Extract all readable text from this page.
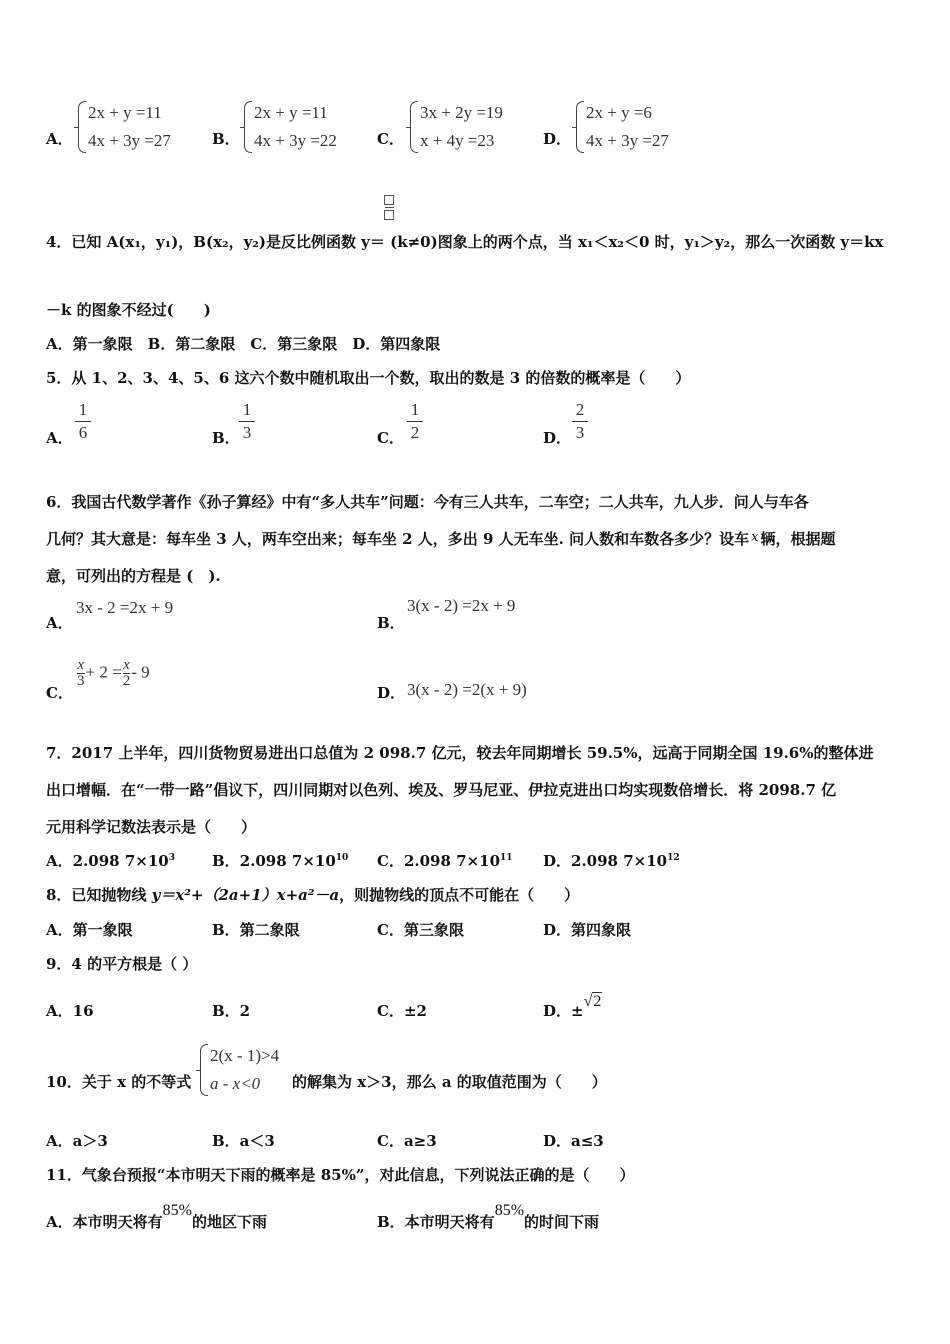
A．
2x + y =11
4x + 3y =27	B．
2x + y =11
4x + 3y =22	C．
3x + 2y =19
x + 4y =23	D．
2x + y =6
4x + 3y =27
4．已知 A(x₁，y₁)，B(x₂，y₂)是反比例函数 y＝ (k≠0)图象上的两个点，当 x₁＜x₂＜0 时，y₁＞y₂，那么一次函数 y＝kx
－k 的图象不经过(　　)
A．第一象限　B．第二象限　C．第三象限　D．第四象限
5．从 1、2、3、4、5、6 这六个数中随机取出一个数，取出的数是 3 的倍数的概率是（　　）
A．
1
6	B．
1
3	C．
1
2	D．
2
3
6．我国古代数学著作《孙子算经》中有“多人共车”问题：今有三人共车，二车空；二人共车，九人步．问人与车各
几何？其大意是：每车坐 3 人，两车空出来；每车坐 2 人，多出 9 人无车坐. 问人数和车数各多少？设车 x 辆，根据题
意，可列出的方程是 (　).
A．
3x - 2 =2x + 9
B．
3(x - 2) =2x + 9
C．
$\frac{x}{3} + 2 = \frac{x}{2} - 9$
D． 3(x - 2) =2(x + 9)
7．2017 上半年，四川货物贸易进出口总值为 2 098.7 亿元，较去年同期增长 59.5%，远高于同期全国 19.6%的整体进
出口增幅．在“一带一路”倡议下，四川同期对以色列、埃及、罗马尼亚、伊拉克进出口均实现数倍增长．将 2098.7 亿
元用科学记数法表示是（　　）
A．2.098 $7\times 10^3$ B．2.098 $7\times 10^{10}$ C．2.098 $7\times 10^{11}$ D．2.098 $7\times 10^{12}$
8．已知抛物线 y＝x²+（2a+1）x+a²－a，则抛物线的顶点不可能在（　　）
A．第一象限	B．第二象限	C．第三象限	D．第四象限
9．4 的平方根是（ ）
A．16	B．2	C．±2	D．±√2
10．关于 x 的不等式
2(x - 1)>4
a - x<0	的解集为 x＞3，那么 a 的取值范围为（　　）
A．a＞3	B．a＜3	C．a≥3	D．a≤3
11．气象台预报“本市明天下雨的概率是 85%”，对此信息，下列说法正确的是（　　）
A．本市明天将有85%的地区下雨	B．本市明天将有85%的时间下雨
